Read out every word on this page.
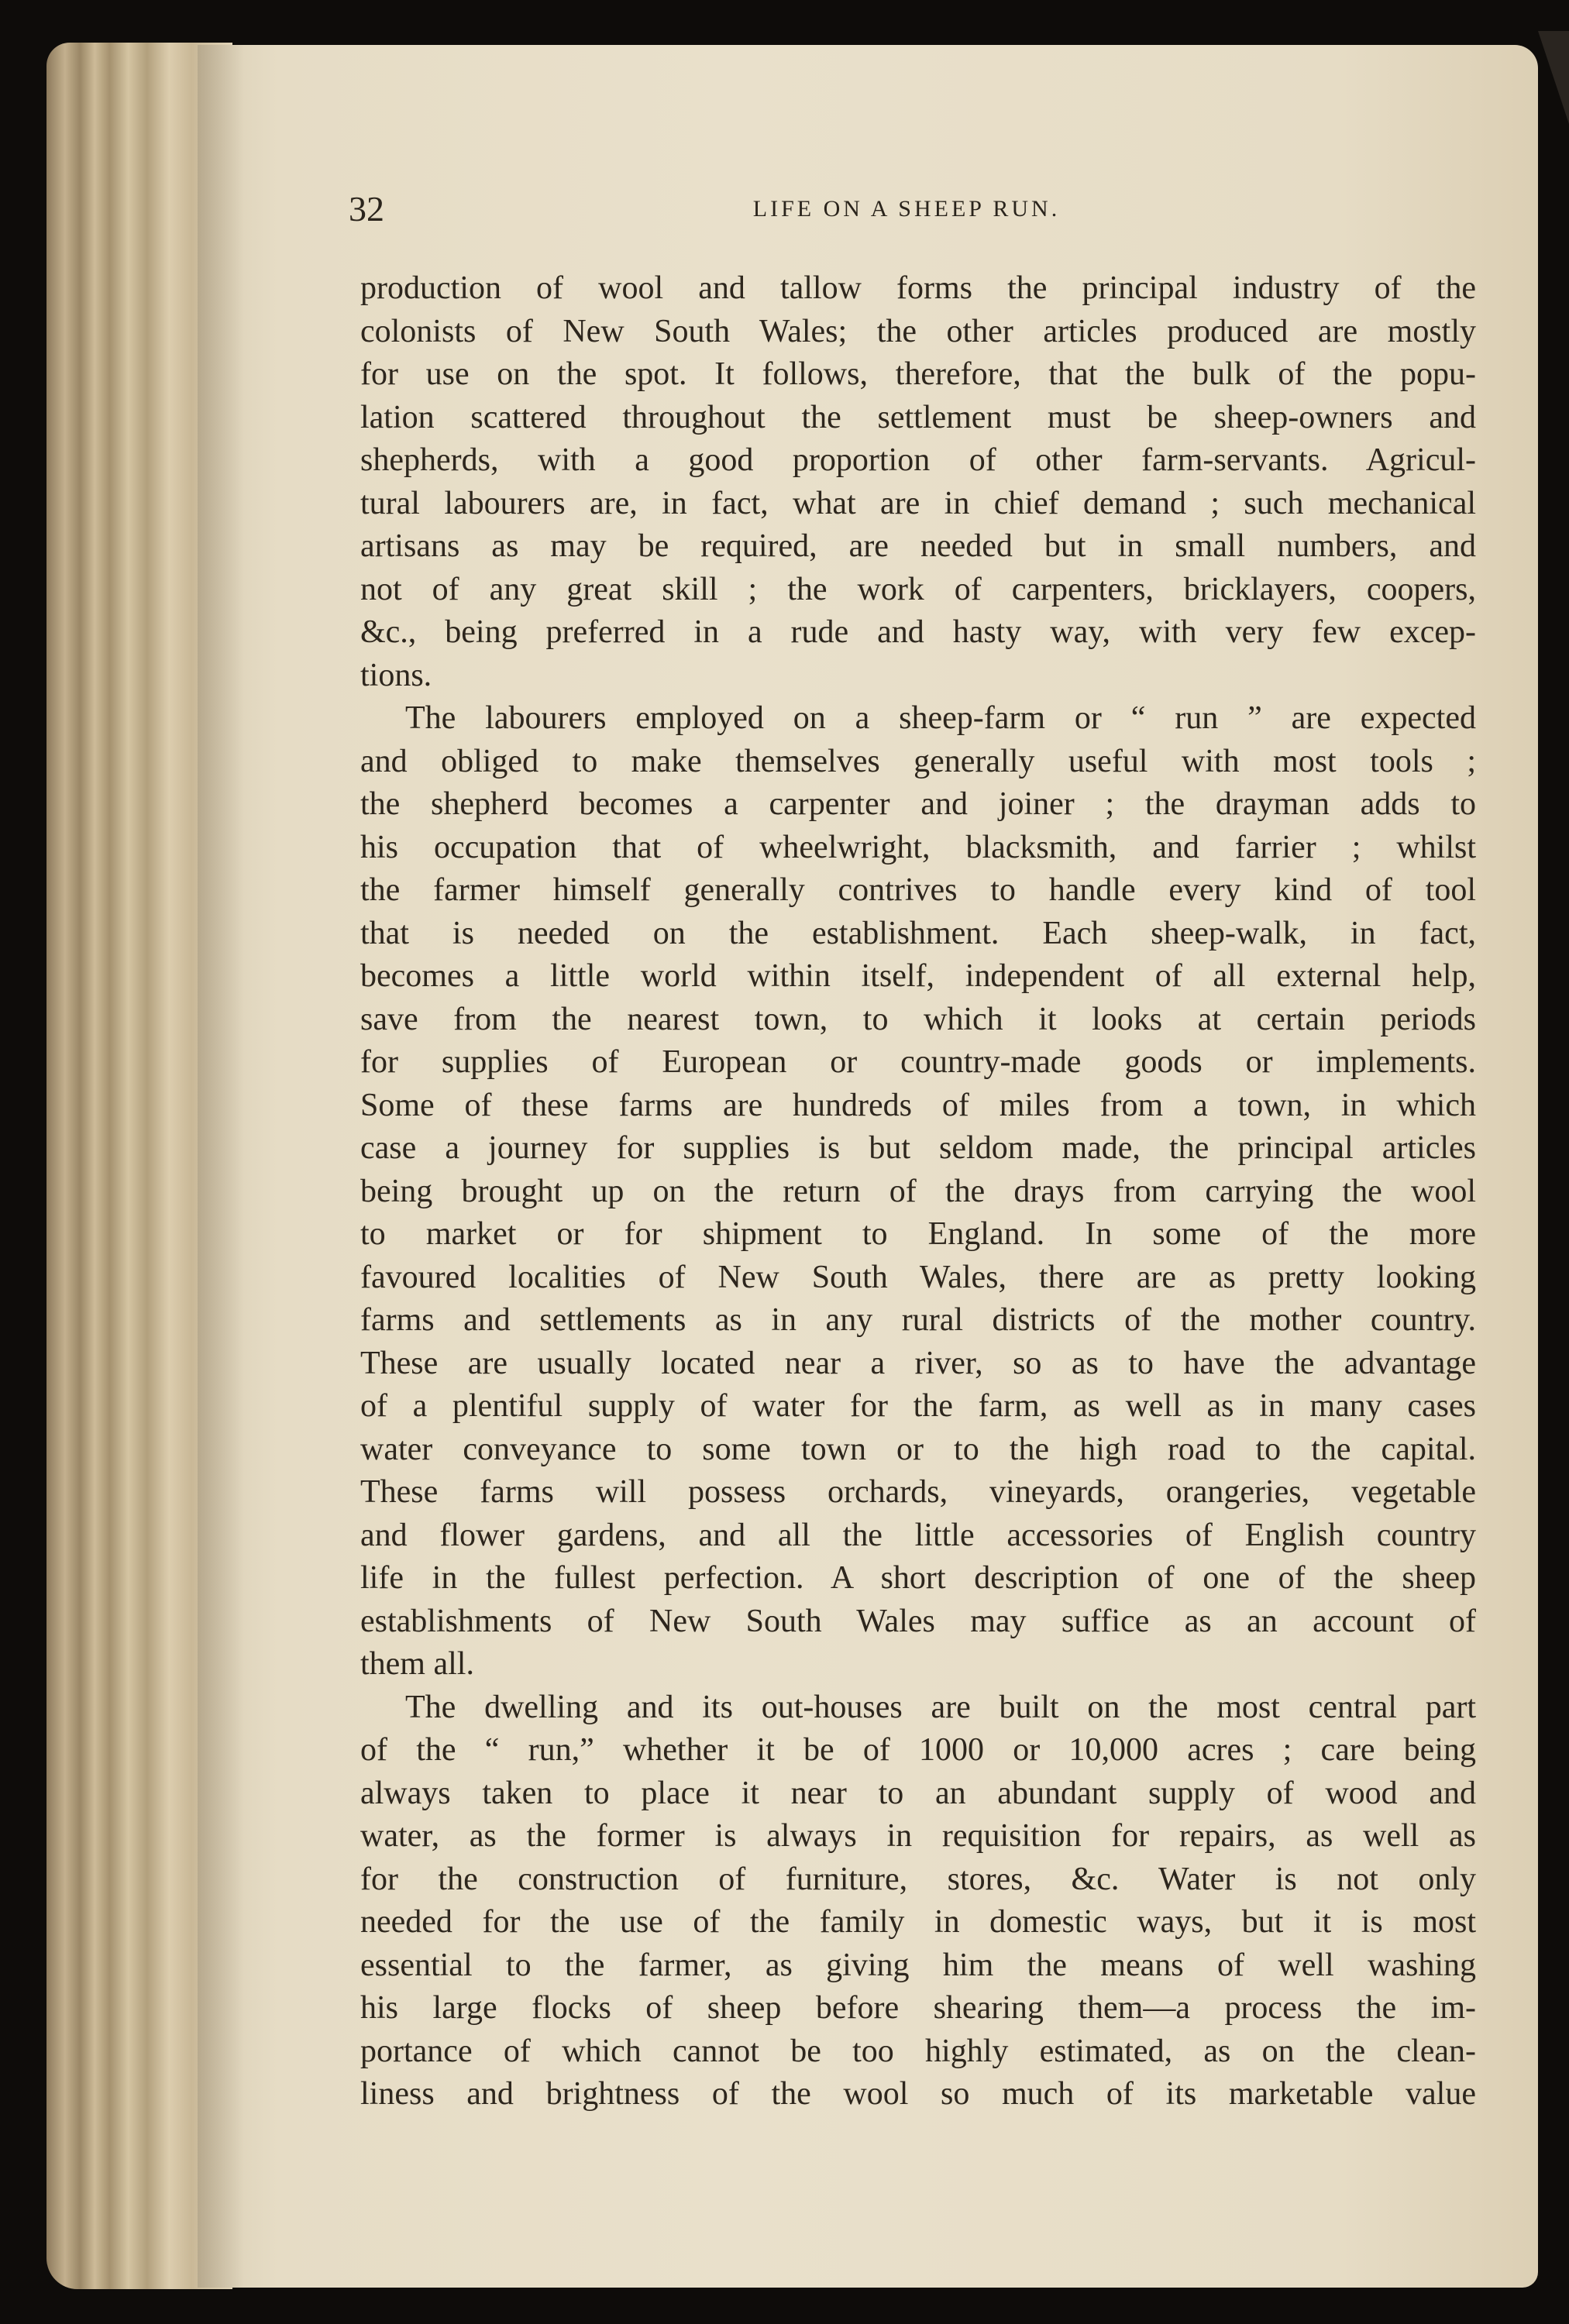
32	LIFE ON A SHEEP RUN.
production of wool and tallow forms the principal industry of the
colonists of New South Wales; the other articles produced are mostly
for use on the spot. It follows, therefore, that the bulk of the popu-
lation scattered throughout the settlement must be sheep-owners and
shepherds, with a good proportion of other farm-servants. Agricul-
tural labourers are, in fact, what are in chief demand ; such mechanical
artisans as may be required, are needed but in small numbers, and
not of any great skill ; the work of carpenters, bricklayers, coopers,
&c., being preferred in a rude and hasty way, with very few excep-
tions.
The labourers employed on a sheep-farm or “ run ” are expected
and obliged to make themselves generally useful with most tools ;
the shepherd becomes a carpenter and joiner ; the drayman adds to
his occupation that of wheelwright, blacksmith, and farrier ; whilst
the farmer himself generally contrives to handle every kind of tool
that is needed on the establishment. Each sheep-walk, in fact,
becomes a little world within itself, independent of all external help,
save from the nearest town, to which it looks at certain periods
for supplies of European or country-made goods or implements.
Some of these farms are hundreds of miles from a town, in which
case a journey for supplies is but seldom made, the principal articles
being brought up on the return of the drays from carrying the wool
to market or for shipment to England. In some of the more
favoured localities of New South Wales, there are as pretty looking
farms and settlements as in any rural districts of the mother country.
These are usually located near a river, so as to have the advantage
of a plentiful supply of water for the farm, as well as in many cases
water conveyance to some town or to the high road to the capital.
These farms will possess orchards, vineyards, orangeries, vegetable
and flower gardens, and all the little accessories of English country
life in the fullest perfection. A short description of one of the sheep
establishments of New South Wales may suffice as an account of
them all.
The dwelling and its out-houses are built on the most central part
of the “ run,” whether it be of 1000 or 10,000 acres ; care being
always taken to place it near to an abundant supply of wood and
water, as the former is always in requisition for repairs, as well as
for the construction of furniture, stores, &c. Water is not only
needed for the use of the family in domestic ways, but it is most
essential to the farmer, as giving him the means of well washing
his large flocks of sheep before shearing them—a process the im-
portance of which cannot be too highly estimated, as on the clean-
liness and brightness of the wool so much of its marketable value
